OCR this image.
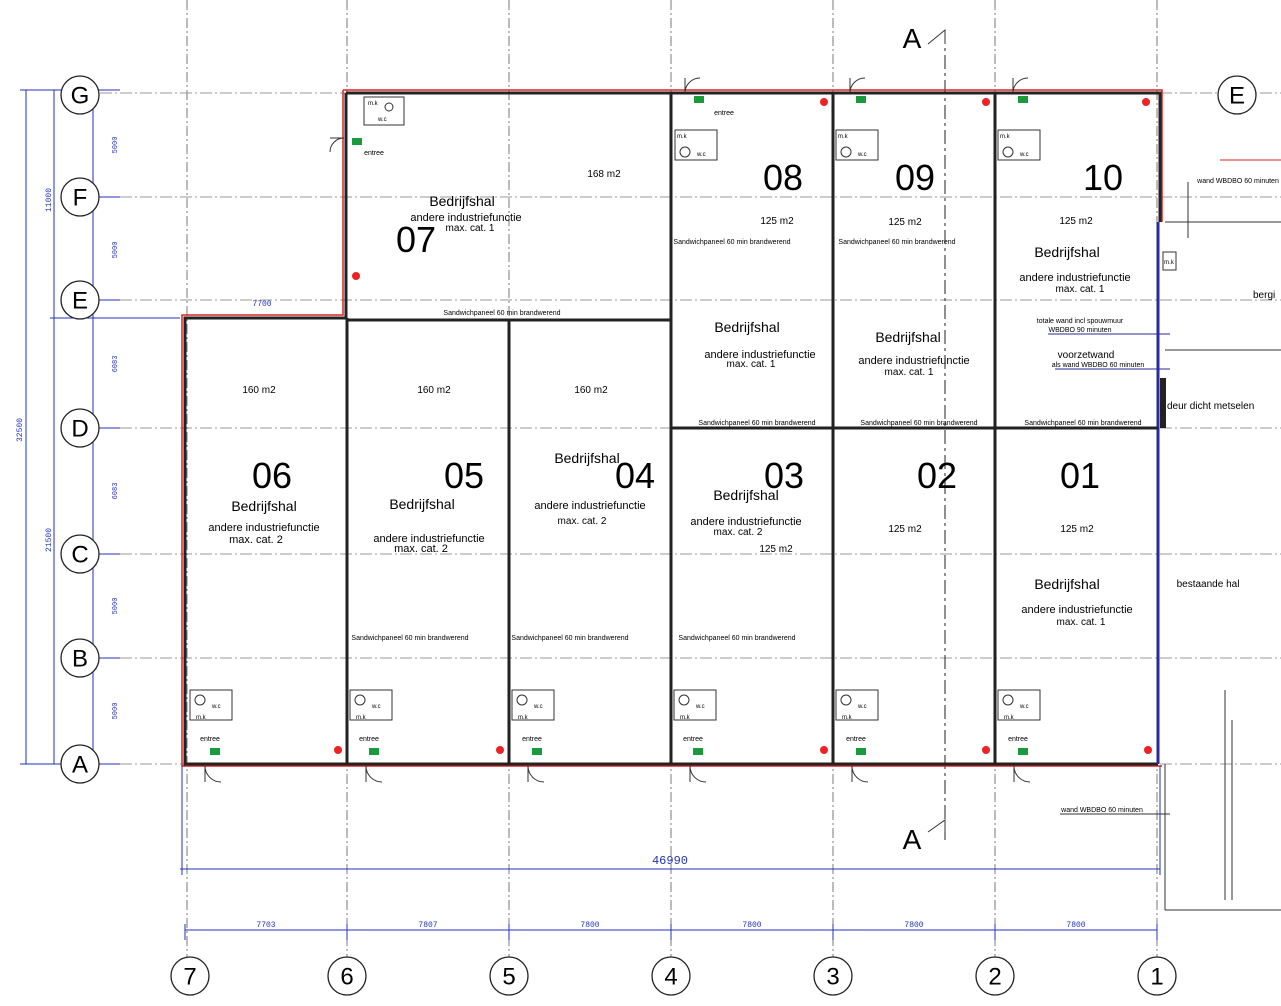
A
A
w.c
m.k
w.c
m.k
w.c
m.k
w.c
m.k
w.c
m.k
w.c
m.k
w.c
m.k
w.c
m.k
w.c
m.k
w.c
m.k
entree
entree
entree	entree	entree	entree	entree	entree
Bedrijfshal
andere industriefunctie
max. cat. 1
07
168 m2
Sandwichpaneel 60 min brandwerend
08
125 m2
Sandwichpaneel 60 min brandwerend
Bedrijfshal
andere industriefunctie
max. cat. 1
Sandwichpaneel 60 min brandwerend
09
125 m2
Sandwichpaneel 60 min brandwerend
Bedrijfshal
andere industriefunctie
max. cat. 1
Sandwichpaneel 60 min brandwerend
10
125 m2
Bedrijfshal
andere industriefunctie
max. cat. 1
totale wand incl spouwmuur
WBDBO 90 minuten
voorzetwand
als wand WBDBO 60 minuten
Sandwichpaneel 60 min brandwerend
m.k
160 m2
06
Bedrijfshal
andere industriefunctie
max. cat. 2
160 m2
05
Bedrijfshal
andere industriefunctie
max. cat. 2
Sandwichpaneel 60 min brandwerend
160 m2
Bedrijfshal
04
andere industriefunctie
max. cat. 2
Sandwichpaneel 60 min brandwerend
03
Bedrijfshal
andere industriefunctie
max. cat. 2
125 m2
Sandwichpaneel 60 min brandwerend
02
125 m2
01
125 m2
Bedrijfshal
andere industriefunctie
max. cat. 1
wand WBDBO 60 minuten
bergi
deur dicht metselen
bestaande hal
wand WBDBO 60 minuten
32500
11000
21500
5000
5000
6083
6083
5000
5000
7700
46990
7703	7807	7800	7800	7800	7800
G
F
E
D
C
B
A
E
7	6	5	4	3	2	1
